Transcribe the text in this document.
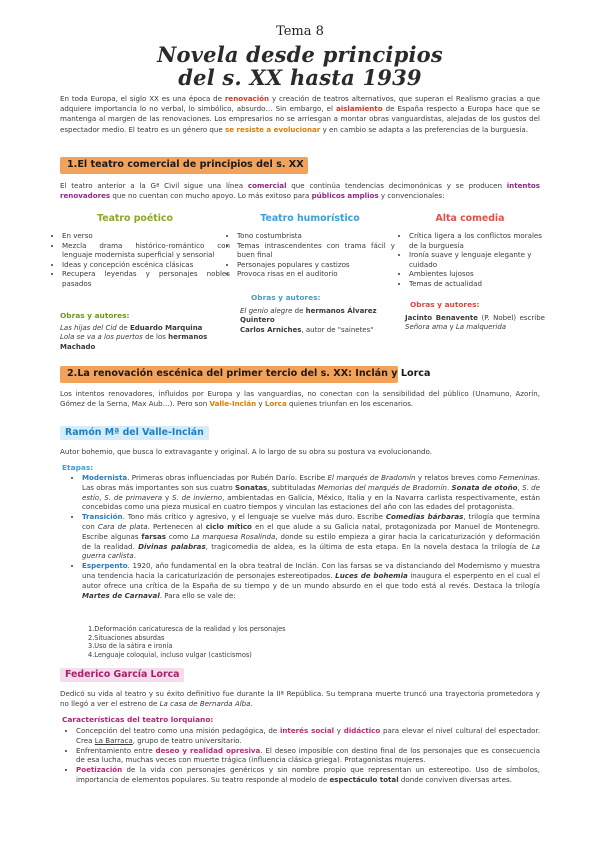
Tema 8
Novela desde principios
del s. XX hasta 1939
En toda Europa, el siglo XX es una época de renovación y creación de teatros alternativos, que superan el Realismo gracias a que adquiere importancia lo no verbal, lo simbólico, absurdo… Sin embargo, el aislamiento de España respecto a Europa hace que se mantenga al margen de las renovaciones. Los empresarios no se arriesgan a montar obras vanguardistas, alejadas de los gustos del espectador medio. El teatro es un género que se resiste a evolucionar y en cambio se adapta a las preferencias de la burguesía.
1.El teatro comercial de principios del s. XX
El teatro anterior a la Gª Civil sigue una línea comercial que continúa tendencias decimonónicas y se producen intentos renovadores que no cuentan con mucho apoyo. Lo más exitoso para públicos amplios y convencionales:
Teatro poético	Teatro humorístico	Alta comedia
• En verso
• Mezcla drama histórico-romántico con lenguaje modernista superficial y sensorial
• Ideas y concepción escénica clásicas
• Recupera leyendas y personajes nobles pasados
Obras y autores:
Las hijas del Cid de Eduardo Marquina
Lola se va a los puertos de los hermanos Machado
• Tono costumbrista
• Temas intrascendentes con trama fácil y buen final
• Personajes populares y castizos
• Provoca risas en el auditorio
Obras y autores:
El genio alegre de hermanos Álvarez Quintero
Carlos Arniches, autor de "sainetes"
• Crítica ligera a los conflictos morales de la burguesía
• Ironía suave y lenguaje elegante y cuidado
• Ambientes lujosos
• Temas de actualidad
Obras y autores:
Jacinto Benavente (P. Nobel) escribe Señora ama y La malquerida
2.La renovación escénica del primer tercio del s. XX: Inclán y Lorca
Los intentos renovadores, influidos por Europa y las vanguardias, no conectan con la sensibilidad del público (Unamuno, Azorín, Gómez de la Serna, Max Aub…). Pero son Valle-Inclán y Lorca quienes triunfan en los escenarios.
Ramón Mª del Valle-Inclán
Autor bohemio, que busca lo extravagante y original. A lo largo de su obra su postura va evolucionando.
Etapas:
• Modernista. Primeras obras influenciadas por Rubén Darío. Escribe El marqués de Bradomín y relatos breves como Femeninas. Las obras más importantes son sus cuatro Sonatas, subtituladas Memorias del marqués de Bradomín. Sonata de otoño, S. de estío, S. de primavera y S. de invierno, ambientadas en Galicia, México, Italia y en la Navarra carlista respectivamente, están concebidas como una pieza musical en cuatro tiempos y vinculan las estaciones del año con las edades del protagonista.
• Transición. Tono más crítico y agresivo, y el lenguaje se vuelve más duro. Escribe Comedias bárbaras, trilogía que termina con Cara de plata. Pertenecen al ciclo mítico en el que alude a su Galicia natal, protagonizada por Manuel de Montenegro. Escribe algunas farsas como La marquesa Rosalinda, donde su estilo empieza a girar hacia la caricaturización y deformación de la realidad. Divinas palabras, tragicomedia de aldea, es la última de esta etapa. En la novela destaca la trilogía de La guerra carlista.
• Esperpento. 1920, año fundamental en la obra teatral de Inclán. Con las farsas se va distanciando del Modernismo y muestra una tendencia hacia la caricaturización de personajes estereotipados. Luces de bohemia inaugura el esperpento en el cual el autor ofrece una crítica de la España de su tiempo y de un mundo absurdo en el que todo está al revés. Destaca la trilogía Martes de Carnaval. Para ello se vale de:
1.Deformación caricaturesca de la realidad y los personajes
2.Situaciones absurdas
3.Uso de la sátira e ironía
4.Lenguaje coloquial, incluso vulgar (casticismos)
Federico García Lorca
Dedicó su vida al teatro y su éxito definitivo fue durante la IIª República. Su temprana muerte truncó una trayectoria prometedora y no llegó a ver el estreno de La casa de Bernarda Alba.
Características del teatro lorquiano:
• Concepción del teatro como una misión pedagógica, de interés social y didáctico para elevar el nivel cultural del espectador. Crea La Barraca, grupo de teatro universitario.
• Enfrentamiento entre deseo y realidad opresiva. El deseo imposible con destino final de los personajes que es consecuencia de esa lucha, muchas veces con muerte trágica (influencia clásica griega). Protagonistas mujeres.
• Poetización de la vida con personajes genéricos y sin nombre propio que representan un estereotipo. Uso de símbolos, importancia de elementos populares. Su teatro responde al modelo de espectáculo total donde conviven diversas artes.
